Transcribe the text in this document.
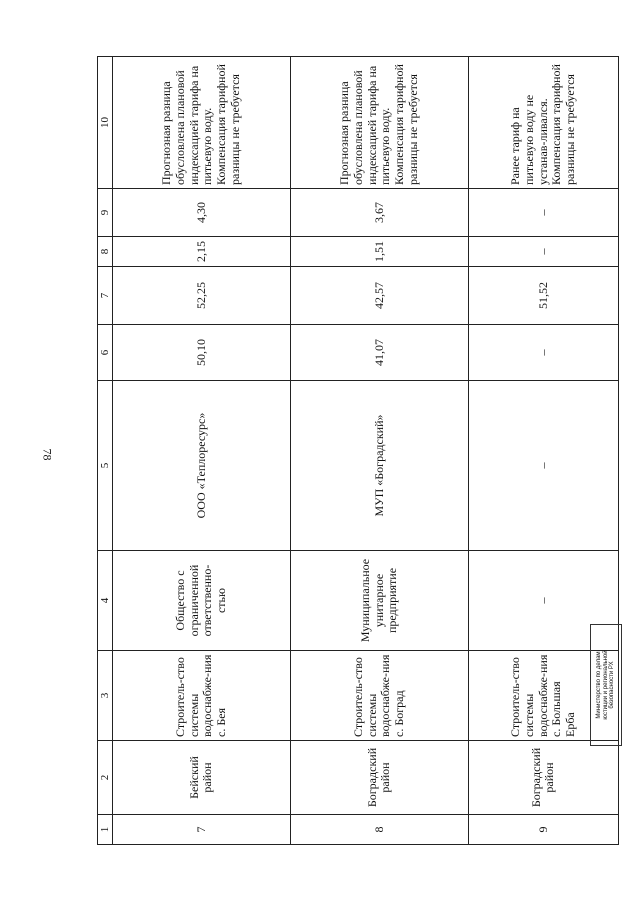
78
1	2	3	4	5	6	7	8	9	10
7	Бейский район	Строитель-ство системы водоснабже-ния с. Бея	Общество с ограниченной ответственно-стью	ООО «Теплоресурс»	50,10	52,25	2,15	4,30	Прогнозная разница обусловлена плановой индексацией тарифа на питьевую воду. Компенсация тарифной разницы не требуется
8	Боградский район	Строитель-ство системы водоснабже-ния с. Боград	Муниципальное унитарное предприятие	МУП «Боградский»	41,07	42,57	1,51	3,67	Прогнозная разница обусловлена плановой индексацией тарифа на питьевую воду. Компенсация тарифной разницы не требуется
9	Боградский район	Строитель-ство системы водоснабже-ния с. Большая Ерба	–	–	–	51,52	–	–	Ранее тариф на питьевую воду не устанав-ливался. Компенсация тарифной разницы не требуется
Министерство по делам юстиции и региональной безопасности РХ
